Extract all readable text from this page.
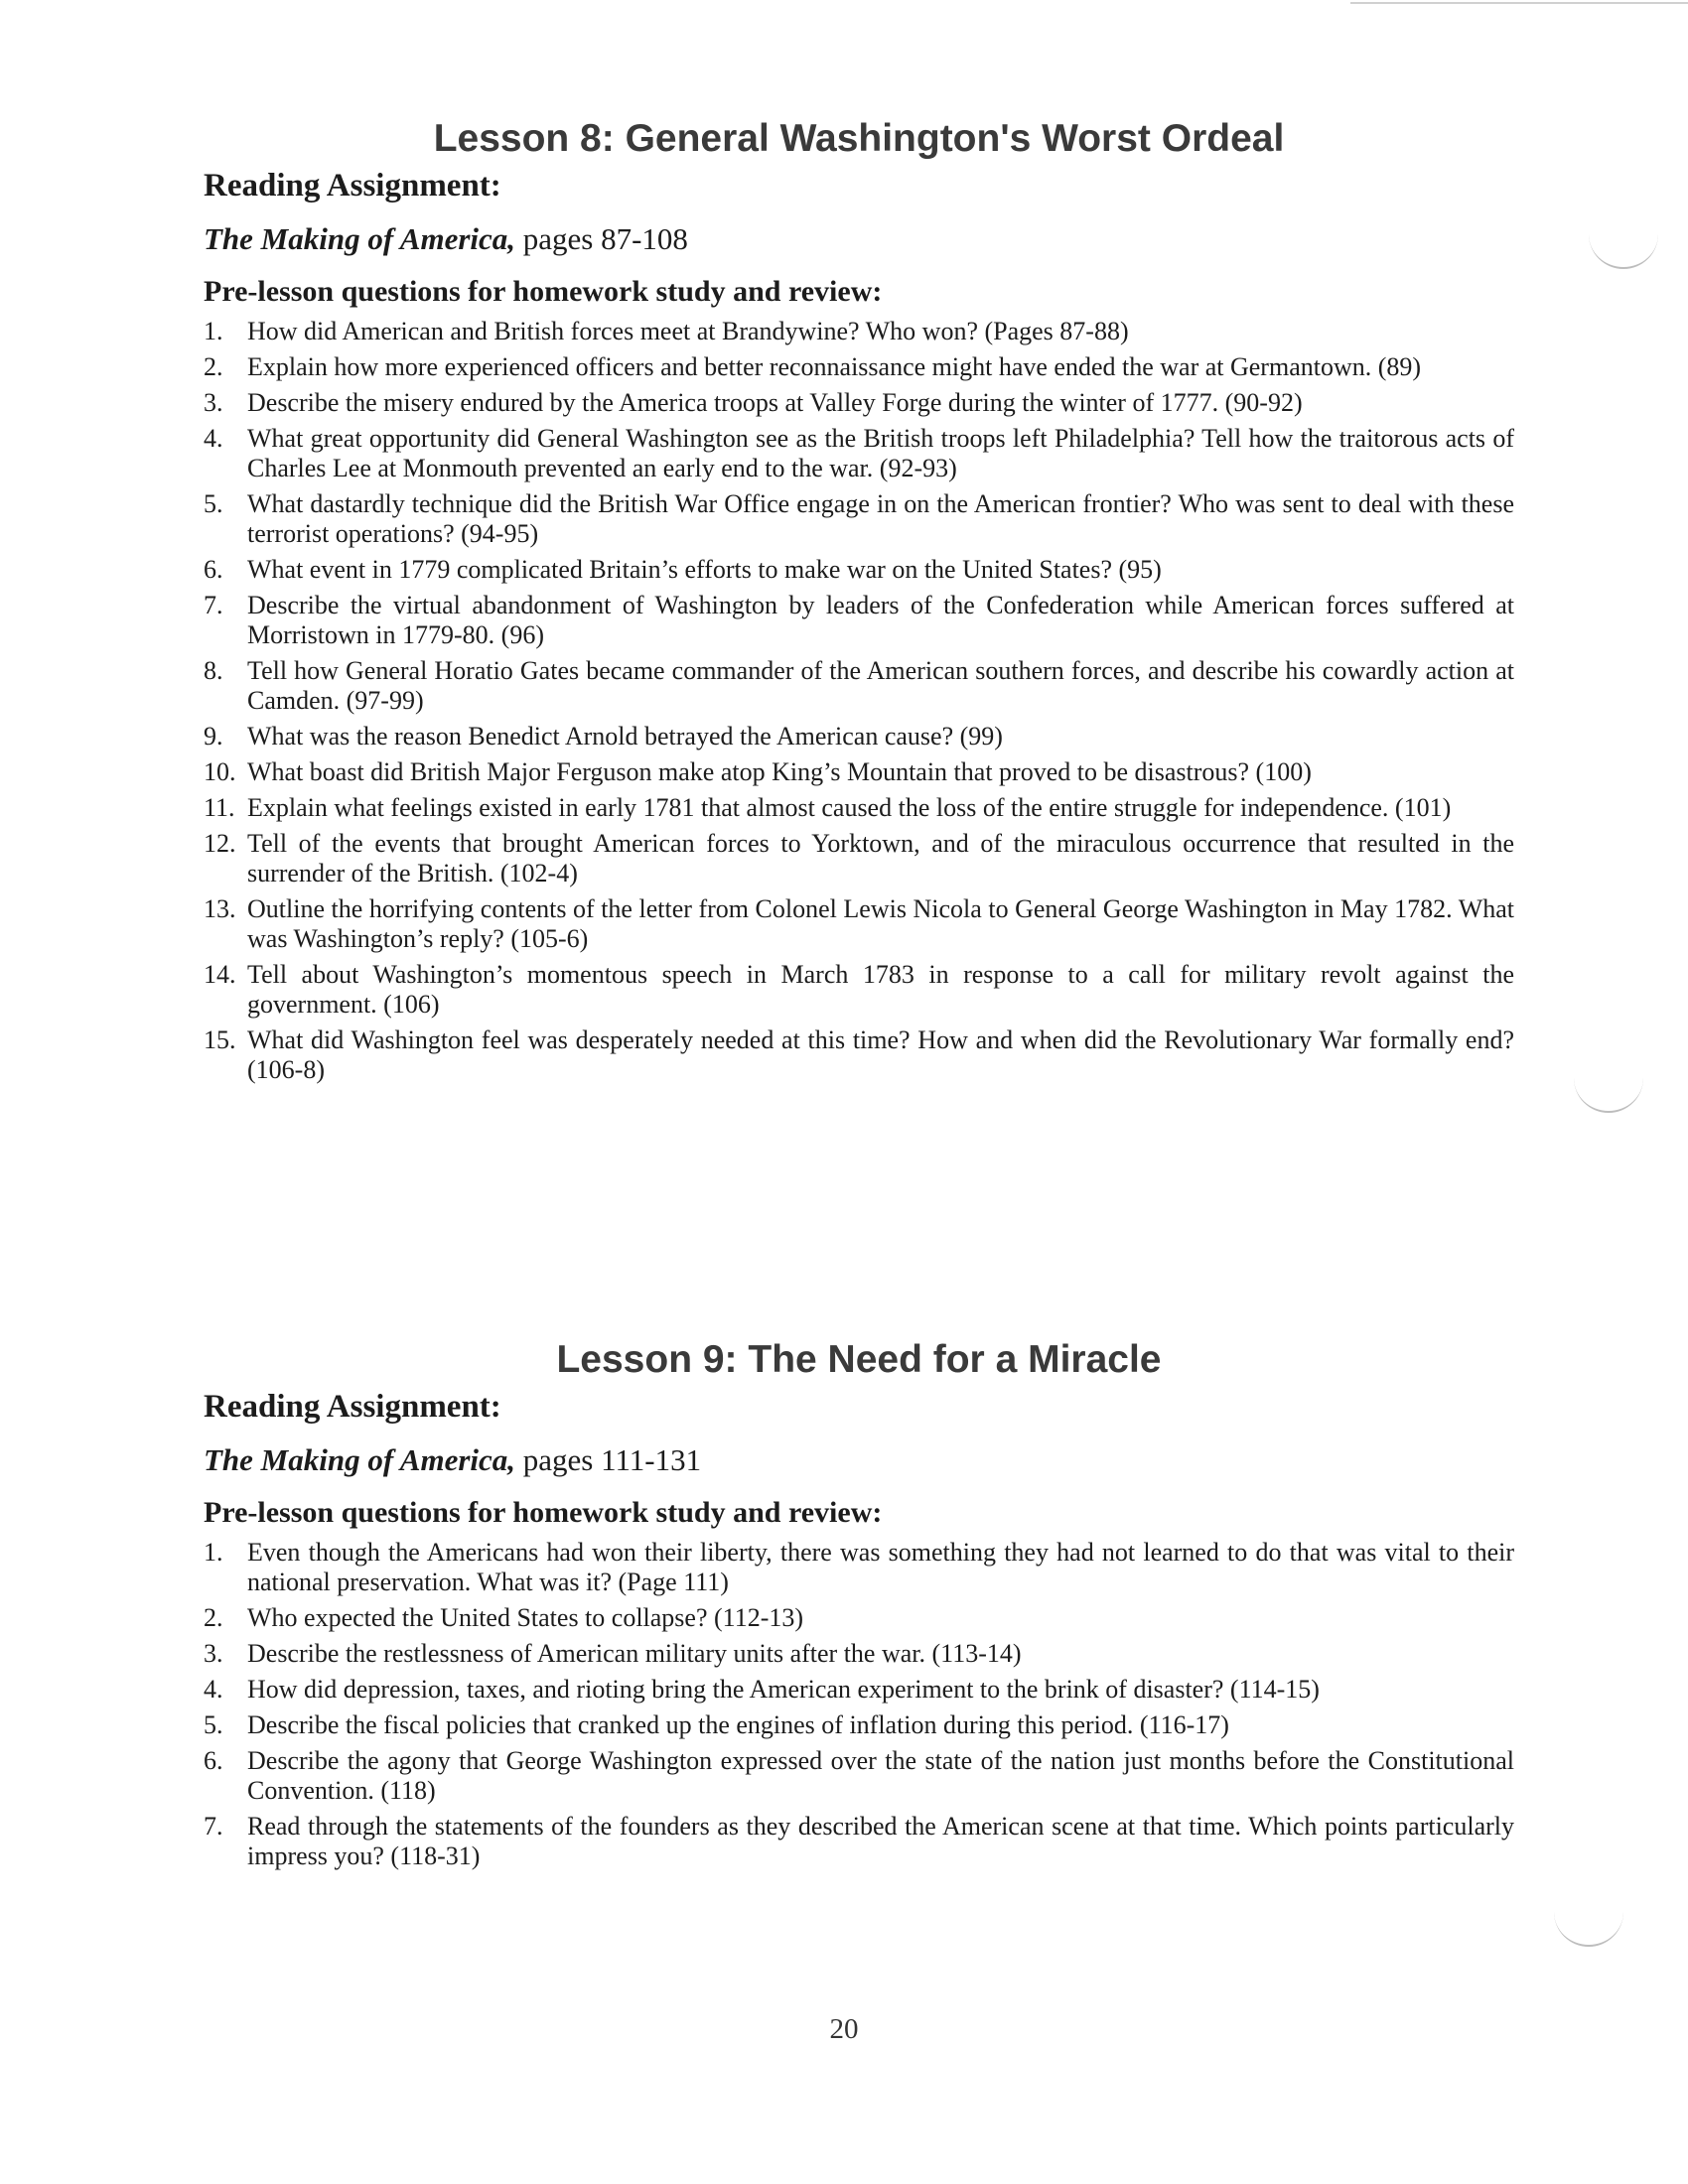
Lesson 8: General Washington's Worst Ordeal
Reading Assignment:
The Making of America, pages 87-108
Pre-lesson questions for homework study and review:
1. How did American and British forces meet at Brandywine? Who won? (Pages 87-88)
2. Explain how more experienced officers and better reconnaissance might have ended the war at Germantown. (89)
3. Describe the misery endured by the America troops at Valley Forge during the winter of 1777. (90-92)
4. What great opportunity did General Washington see as the British troops left Philadelphia? Tell how the traitorous acts of Charles Lee at Monmouth prevented an early end to the war. (92-93)
5. What dastardly technique did the British War Office engage in on the American frontier? Who was sent to deal with these terrorist operations? (94-95)
6. What event in 1779 complicated Britain’s efforts to make war on the United States? (95)
7. Describe the virtual abandonment of Washington by leaders of the Confederation while American forces suffered at Morristown in 1779-80. (96)
8. Tell how General Horatio Gates became commander of the American southern forces, and describe his cowardly action at Camden. (97-99)
9. What was the reason Benedict Arnold betrayed the American cause? (99)
10. What boast did British Major Ferguson make atop King’s Mountain that proved to be disastrous? (100)
11. Explain what feelings existed in early 1781 that almost caused the loss of the entire struggle for independence. (101)
12. Tell of the events that brought American forces to Yorktown, and of the miraculous occurrence that resulted in the surrender of the British. (102-4)
13. Outline the horrifying contents of the letter from Colonel Lewis Nicola to General George Washington in May 1782. What was Washington’s reply? (105-6)
14. Tell about Washington’s momentous speech in March 1783 in response to a call for military revolt against the government. (106)
15. What did Washington feel was desperately needed at this time? How and when did the Revolutionary War formally end? (106-8)
Lesson 9: The Need for a Miracle
Reading Assignment:
The Making of America, pages 111-131
Pre-lesson questions for homework study and review:
1. Even though the Americans had won their liberty, there was something they had not learned to do that was vital to their national preservation. What was it? (Page 111)
2. Who expected the United States to collapse? (112-13)
3. Describe the restlessness of American military units after the war. (113-14)
4. How did depression, taxes, and rioting bring the American experiment to the brink of disaster? (114-15)
5. Describe the fiscal policies that cranked up the engines of inflation during this period. (116-17)
6. Describe the agony that George Washington expressed over the state of the nation just months before the Constitutional Convention. (118)
7. Read through the statements of the founders as they described the American scene at that time. Which points particularly impress you? (118-31)
20
